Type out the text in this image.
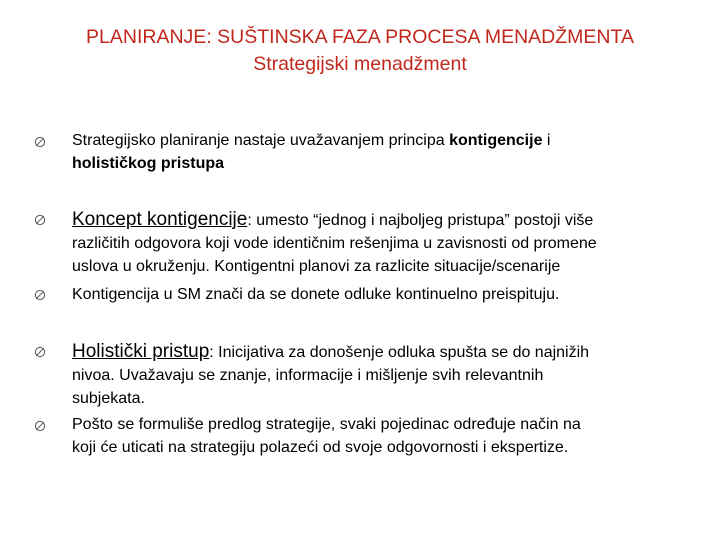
PLANIRANJE: SUŠTINSKA FAZA PROCESA MENADŽMENTA
Strategijski menadžment
Strategijsko planiranje nastaje uvažavanjem principa kontigencije i
holističkog pristupa
Koncept kontigencije: umesto “jednog i najboljeg pristupa” postoji više
različitih odgovora koji vode identičnim rešenjima u zavisnosti od promene
uslova u okruženju. Kontigentni planovi za razlicite situacije/scenarije
Kontigencija u SM znači da se donete odluke kontinuelno preispituju.
Holistički pristup: Inicijativa za donošenje odluka spušta se do najnižih
nivoa. Uvažavaju se znanje, informacije i mišljenje svih relevantnih
subjekata.
Pošto se formuliše predlog strategije, svaki pojedinac određuje način na
koji će uticati na strategiju polazeći od svoje odgovornosti i ekspertize.
